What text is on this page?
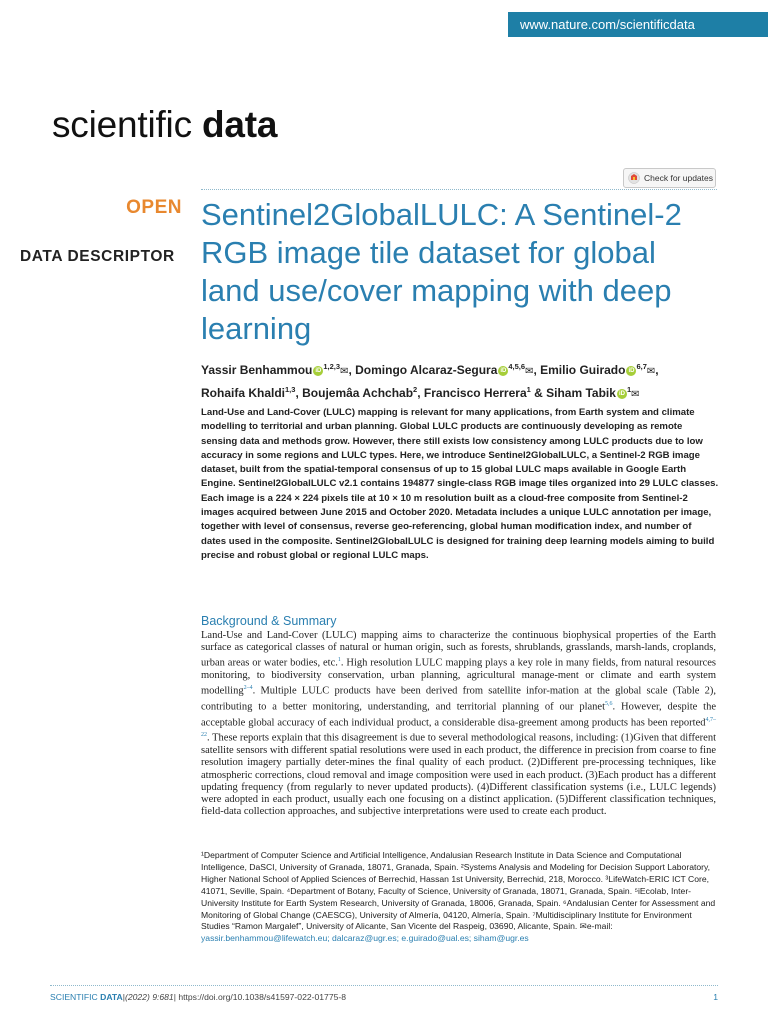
www.nature.com/scientificdata
scientific data
Check for updates
OPEN
DATA DESCRIPTOR
Sentinel2GlobalLULC: A Sentinel-2 RGB image tile dataset for global land use/cover mapping with deep learning
Yassir Benhammou iD $^{1,2,3}$✉, Domingo Alcaraz-Segura iD $^{4,5,6}$✉, Emilio Guirado iD $^{6,7}$✉, Rohaifa Khaldi$^{1,3}$, Boujemâa Achchab$^2$, Francisco Herrera$^1$ & Siham Tabik iD $^1$✉
Land-Use and Land-Cover (LULC) mapping is relevant for many applications, from Earth system and climate modelling to territorial and urban planning. Global LULC products are continuously developing as remote sensing data and methods grow. However, there still exists low consistency among LULC products due to low accuracy in some regions and LULC types. Here, we introduce Sentinel2GlobalLULC, a Sentinel-2 RGB image dataset, built from the spatial-temporal consensus of up to 15 global LULC maps available in Google Earth Engine. Sentinel2GlobalLULC v2.1 contains 194877 single-class RGB image tiles organized into 29 LULC classes. Each image is a 224 × 224 pixels tile at 10 × 10 m resolution built as a cloud-free composite from Sentinel-2 images acquired between June 2015 and October 2020. Metadata includes a unique LULC annotation per image, together with level of consensus, reverse geo-referencing, global human modification index, and number of dates used in the composite. Sentinel2GlobalLULC is designed for training deep learning models aiming to build precise and robust global or regional LULC maps.
Background & Summary
Land-Use and Land-Cover (LULC) mapping aims to characterize the continuous biophysical properties of the Earth surface as categorical classes of natural or human origin, such as forests, shrublands, grasslands, marsh-lands, croplands, urban areas or water bodies, etc.$^1$. High resolution LULC mapping plays a key role in many fields, from natural resources monitoring, to biodiversity conservation, urban planning, agricultural manage-ment or climate and earth system modelling$^{2-4}$. Multiple LULC products have been derived from satellite infor-mation at the global scale (Table 2), contributing to a better monitoring, understanding, and territorial planning of our planet$^{5,6}$. However, despite the acceptable global accuracy of each individual product, a considerable disa-greement among products has been reported$^{4,7-22}$. These reports explain that this disagreement is due to several methodological reasons, including: (1)Given that different satellite sensors with different spatial resolutions were used in each product, the difference in precision from coarse to fine resolution imagery partially deter-mines the final quality of each product. (2)Different pre-processing techniques, like atmospheric corrections, cloud removal and image composition were used in each product. (3)Each product has a different updating frequency (from regularly to never updated products). (4)Different classification systems (i.e., LULC legends) were adopted in each product, usually each one focusing on a distinct application. (5)Different classification techniques, field-data collection approaches, and subjective interpretations were used to create each product.
¹Department of Computer Science and Artificial Intelligence, Andalusian Research Institute in Data Science and Computational Intelligence, DaSCI, University of Granada, 18071, Granada, Spain. ²Systems Analysis and Modeling for Decision Support Laboratory, Higher National School of Applied Sciences of Berrechid, Hassan 1st University, Berrechid, 218, Morocco. ³LifeWatch-ERIC ICT Core, 41071, Seville, Spain. ⁴Department of Botany, Faculty of Science, University of Granada, 18071, Granada, Spain. ⁵iEcolab, Inter-University Institute for Earth System Research, University of Granada, 18006, Granada, Spain. ⁶Andalusian Center for Assessment and Monitoring of Global Change (CAESCG), University of Almería, 04120, Almería, Spain. ⁷Multidisciplinary Institute for Environment Studies “Ramon Margalef”, University of Alicante, San Vicente del Raspeig, 03690, Alicante, Spain. ✉e-mail: yassir.benhammou@lifewatch.eu; dalcaraz@ugr.es; e.guirado@ual.es; siham@ugr.es
SCIENTIFIC DATA | (2022) 9:681 | https://doi.org/10.1038/s41597-022-01775-8	1
